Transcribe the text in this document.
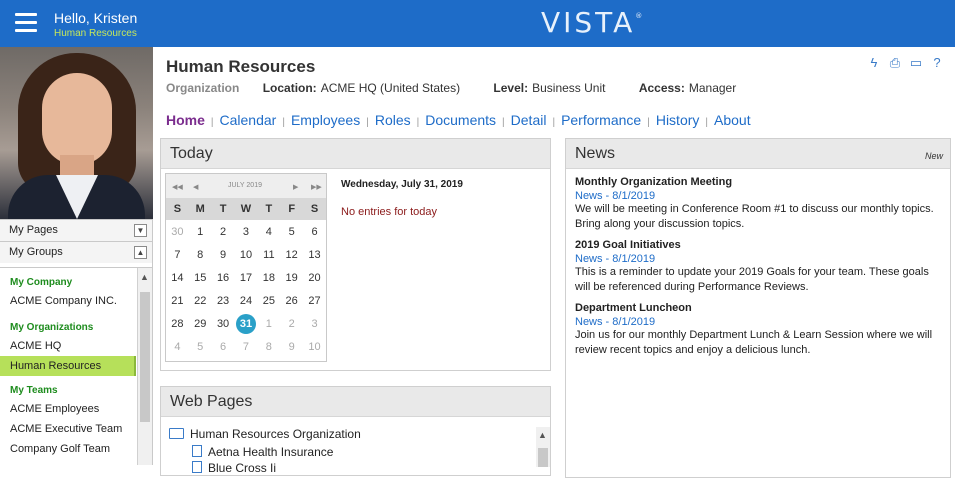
Hello, Kristen
Human Resources	VISTA®
My Pages	▼
My Groups	▲
My Company
ACME Company INC.
My Organizations
ACME HQ
Human Resources
My Teams
ACME Employees
ACME Executive Team
Company Golf Team
▲
Human Resources
Organization Location: ACME HQ (United States)	Level: Business Unit	Access: Manager
ϟ ⎙ ▭ ?
Home | Calendar | Employees | Roles | Documents | Detail | Performance | History | About
Today
◀◀ ◀	JULY 2019	▶ ▶▶
S	M	T	W	T	F	S
30	1	2	3	4	5	6
7	8	9	10	11	12	13
14	15	16	17	18	19	20
21	22	23	24	25	26	27
28	29	30	31	1	2	3
4	5	6	7	8	9	10
Wednesday, July 31, 2019
No entries for today
Web Pages
Human Resources Organization
Aetna Health Insurance
Blue Cross Ii
▲
News	New
Monthly Organization Meeting
News - 8/1/2019
We will be meeting in Conference Room #1 to discuss our monthly topics. Bring along your discussion topics.
2019 Goal Initiatives
News - 8/1/2019
This is a reminder to update your 2019 Goals for your team. These goals will be referenced during Performance Reviews.
Department Luncheon
News - 8/1/2019
Join us for our monthly Department Lunch & Learn Session where we will review recent topics and enjoy a delicious lunch.
